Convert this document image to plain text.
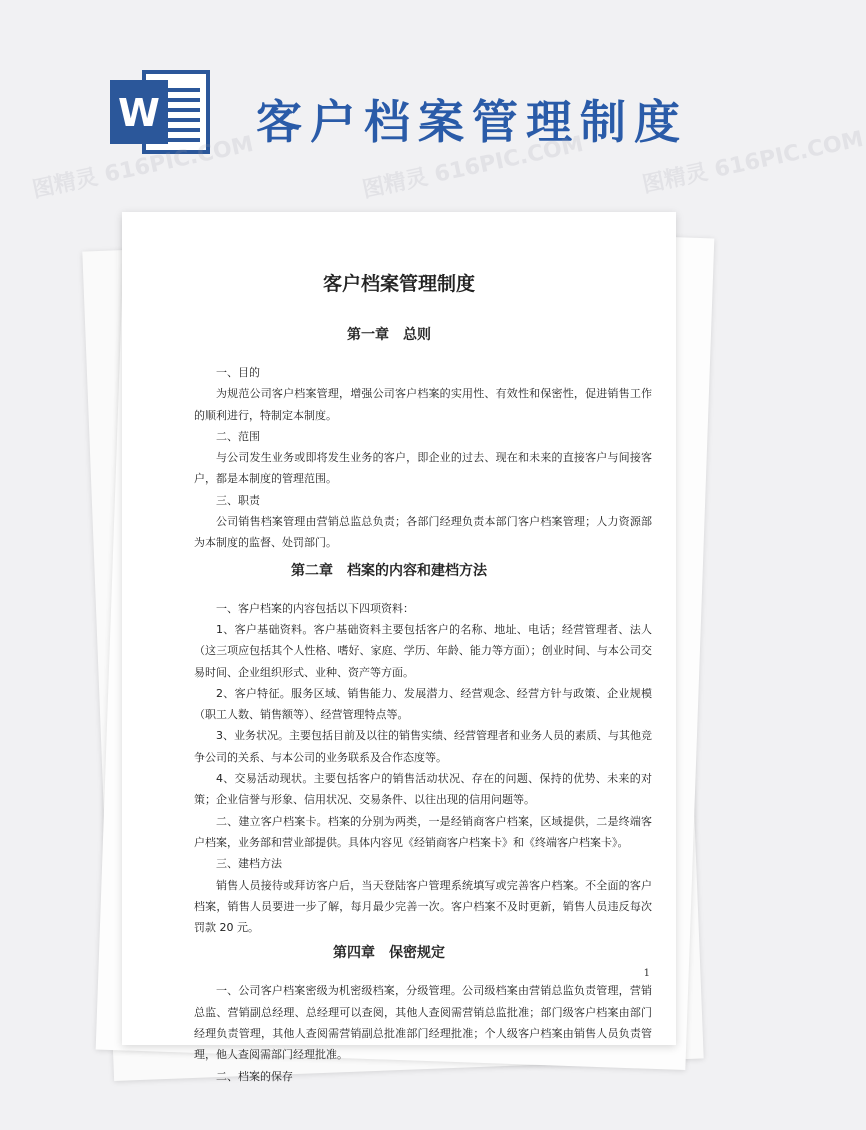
W 客户档案管理制度
图精灵 616PIC.COM	图精灵 616PIC.COM 图精灵 616PIC.COM
客户档案管理制度
第一章　总则

一、目的

为规范公司客户档案管理，增强公司客户档案的实用性、有效性和保密性，促进销售工作的顺利进行，特制定本制度。

二、范围

与公司发生业务或即将发生业务的客户，即企业的过去、现在和未来的直接客户与间接客户，都是本制度的管理范围。

三、职责

公司销售档案管理由营销总监总负责；各部门经理负责本部门客户档案管理；人力资源部为本制度的监督、处罚部门。

第二章　档案的内容和建档方法

一、客户档案的内容包括以下四项资料：

1、客户基础资料。客户基础资料主要包括客户的名称、地址、电话；经营管理者、法人（这三项应包括其个人性格、嗜好、家庭、学历、年龄、能力等方面）；创业时间、与本公司交易时间、企业组织形式、业种、资产等方面。

2、客户特征。服务区域、销售能力、发展潜力、经营观念、经营方针与政策、企业规模（职工人数、销售额等）、经营管理特点等。

3、业务状况。主要包括目前及以往的销售实绩、经营管理者和业务人员的素质、与其他竞争公司的关系、与本公司的业务联系及合作态度等。

4、交易活动现状。主要包括客户的销售活动状况、存在的问题、保持的优势、未来的对策；企业信誉与形象、信用状况、交易条件、以往出现的信用问题等。

二、建立客户档案卡。档案的分别为两类，一是经销商客户档案，区域提供，二是终端客户档案，业务部和营业部提供。具体内容见《经销商客户档案卡》和《终端客户档案卡》。

三、建档方法

销售人员接待或拜访客户后，当天登陆客户管理系统填写或完善客户档案。不全面的客户档案，销售人员要进一步了解，每月最少完善一次。客户档案不及时更新，销售人员违反每次罚款 20 元。

第四章　保密规定

一、公司客户档案密级为机密级档案，分级管理。公司级档案由营销总监负责管理，营销总监、营销副总经理、总经理可以查阅，其他人查阅需营销总监批准；部门级客户档案由部门经理负责管理，其他人查阅需营销副总批准部门经理批准；个人级客户档案由销售人员负责管理，他人查阅需部门经理批准。

二、档案的保存

1
